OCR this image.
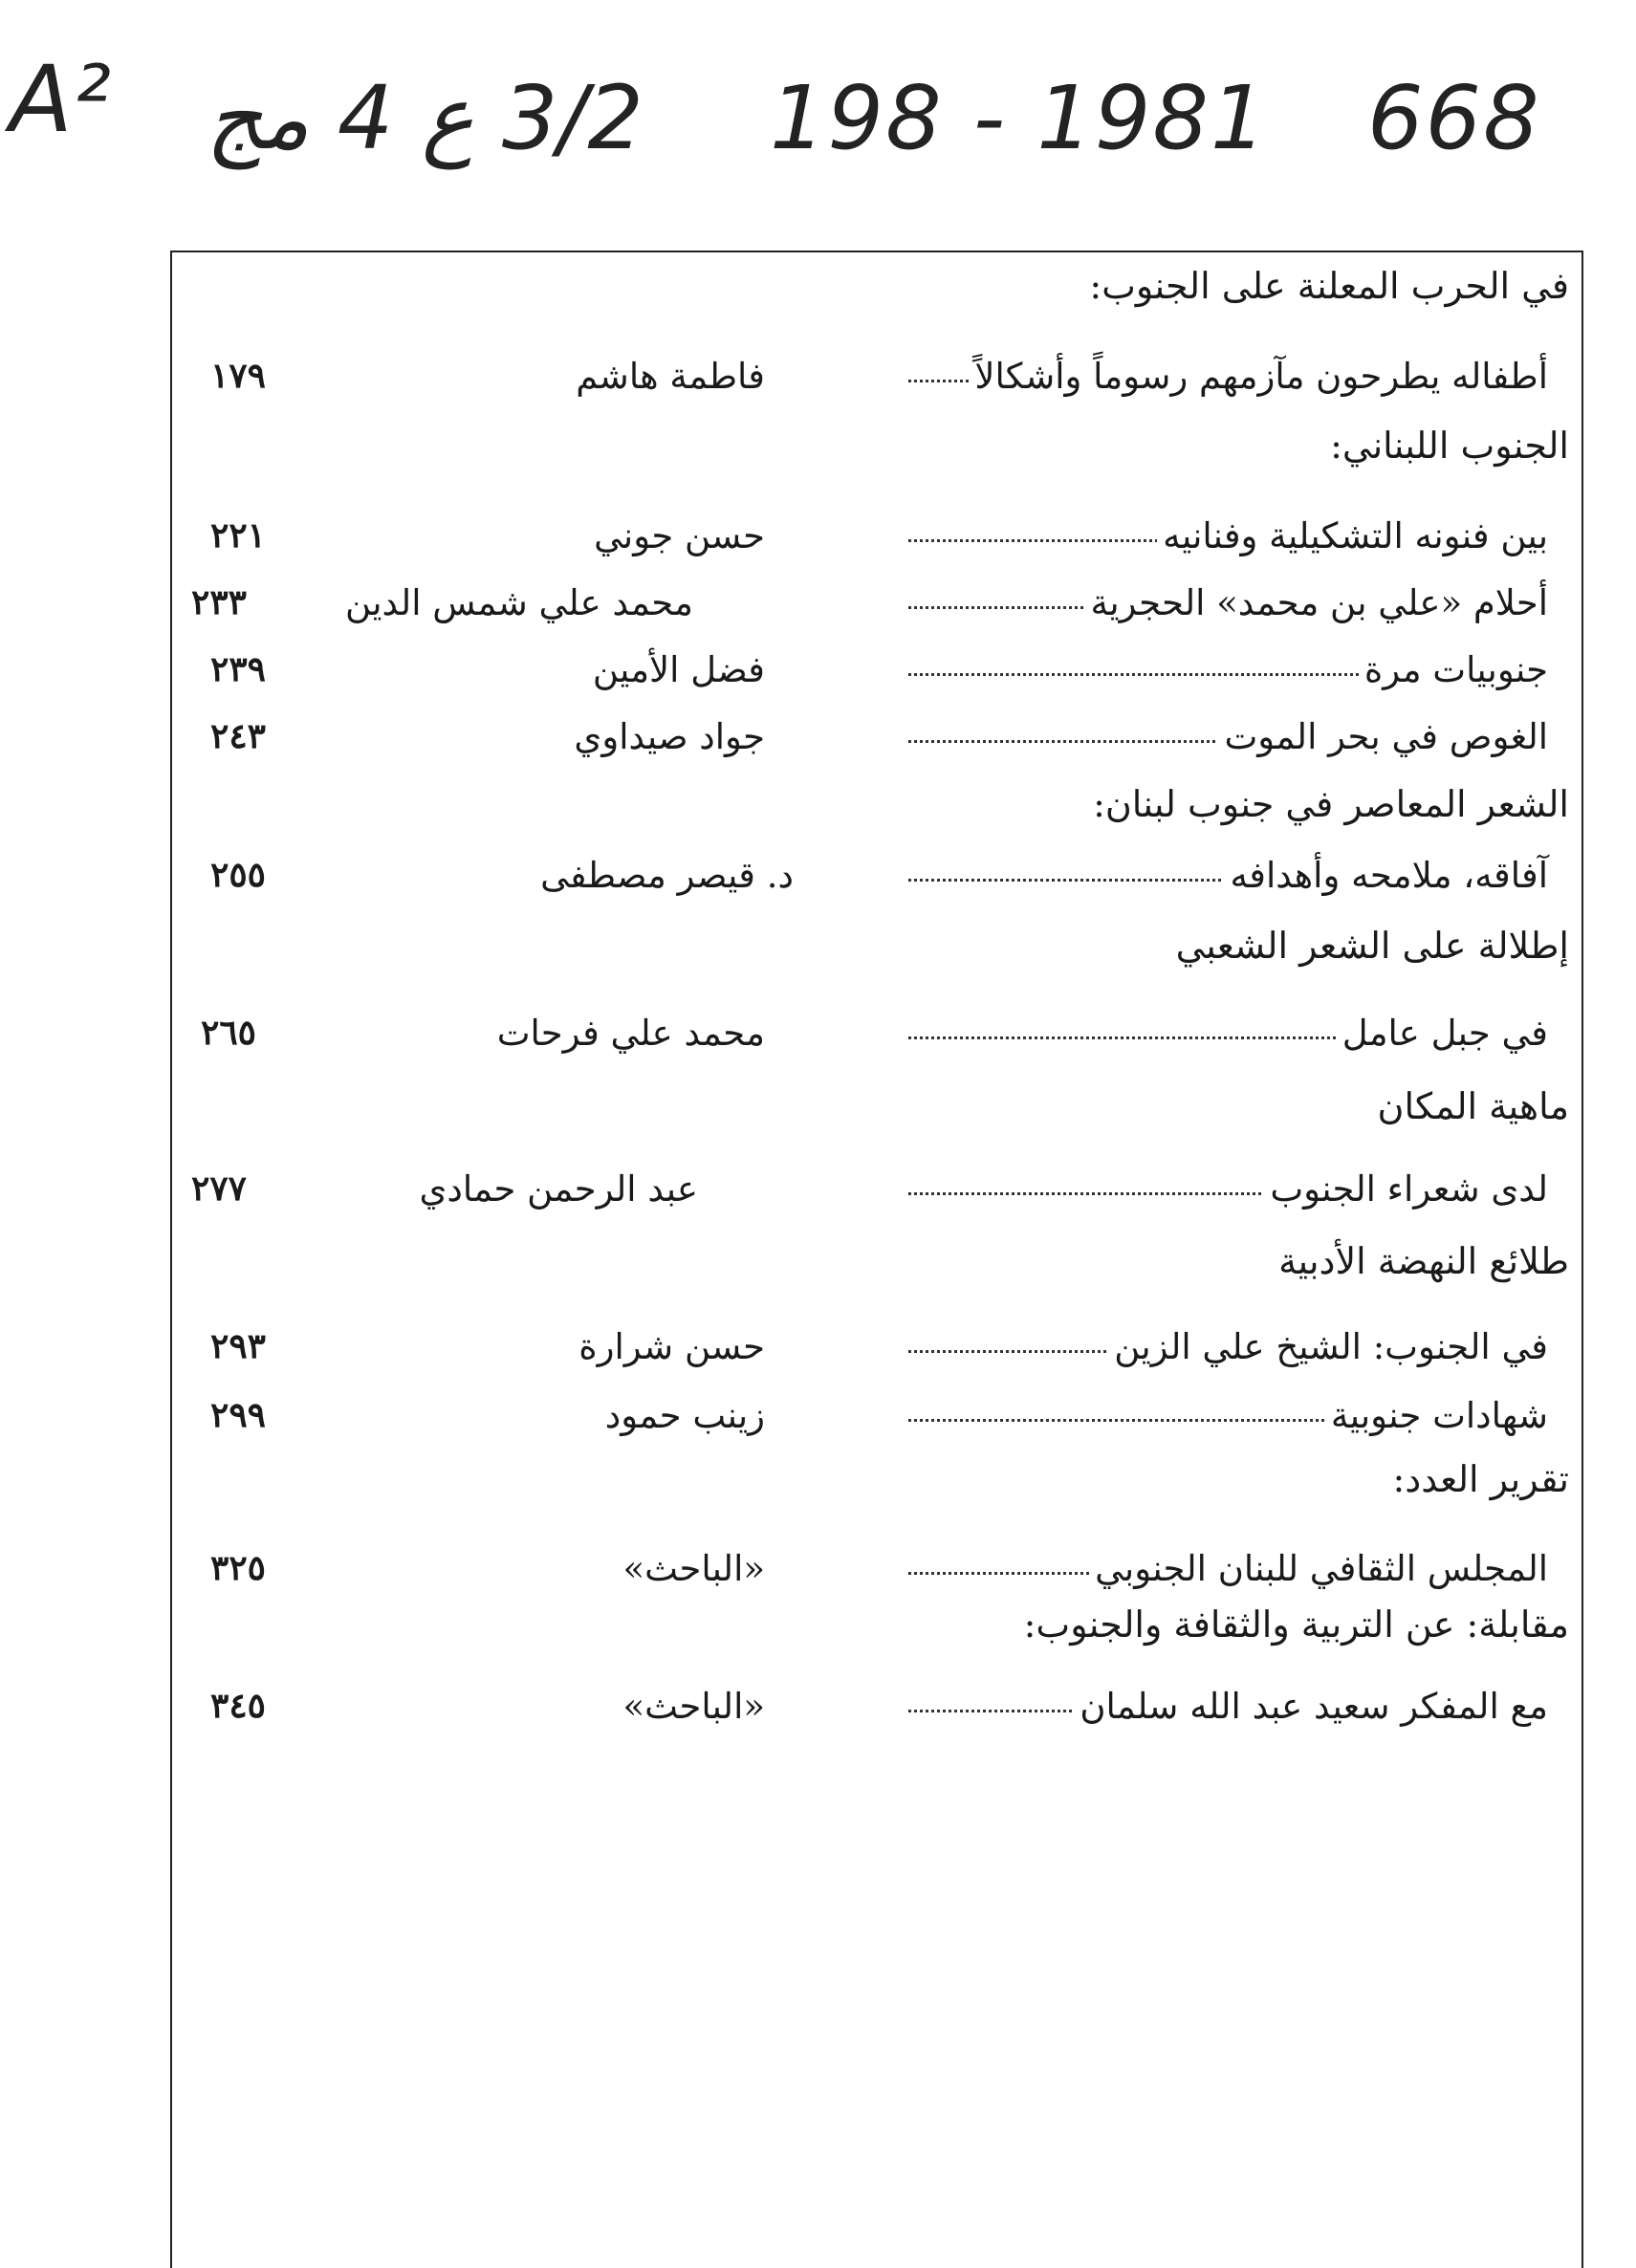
A² 3/2 ع 4 مج 198 - 1981 668
في الحرب المعلنة على الجنوب:
أطفاله يطرحون مآزمهم رسوماً وأشكالاً
فاطمة هاشم
١٧٩
الجنوب اللبناني:
بين فنونه التشكيلية وفنانيه
حسن جوني
٢٢١
أحلام «علي بن محمد» الحجرية
محمد علي شمس الدين
٢٣٣
جنوبيات مرة
فضل الأمين
٢٣٩
الغوص في بحر الموت
جواد صيداوي
٢٤٣
الشعر المعاصر في جنوب لبنان:
آفاقه، ملامحه وأهدافه
د. قيصر مصطفى
٢٥٥
إطلالة على الشعر الشعبي
في جبل عامل
محمد علي فرحات
٢٦٥
ماهية المكان
لدى شعراء الجنوب
عبد الرحمن حمادي
٢٧٧
طلائع النهضة الأدبية
في الجنوب: الشيخ علي الزين
حسن شرارة
٢٩٣
شهادات جنوبية
زينب حمود
٢٩٩
تقرير العدد:
المجلس الثقافي للبنان الجنوبي
«الباحث»
٣٢٥
مقابلة: عن التربية والثقافة والجنوب:
مع المفكر سعيد عبد الله سلمان
«الباحث»
٣٤٥
